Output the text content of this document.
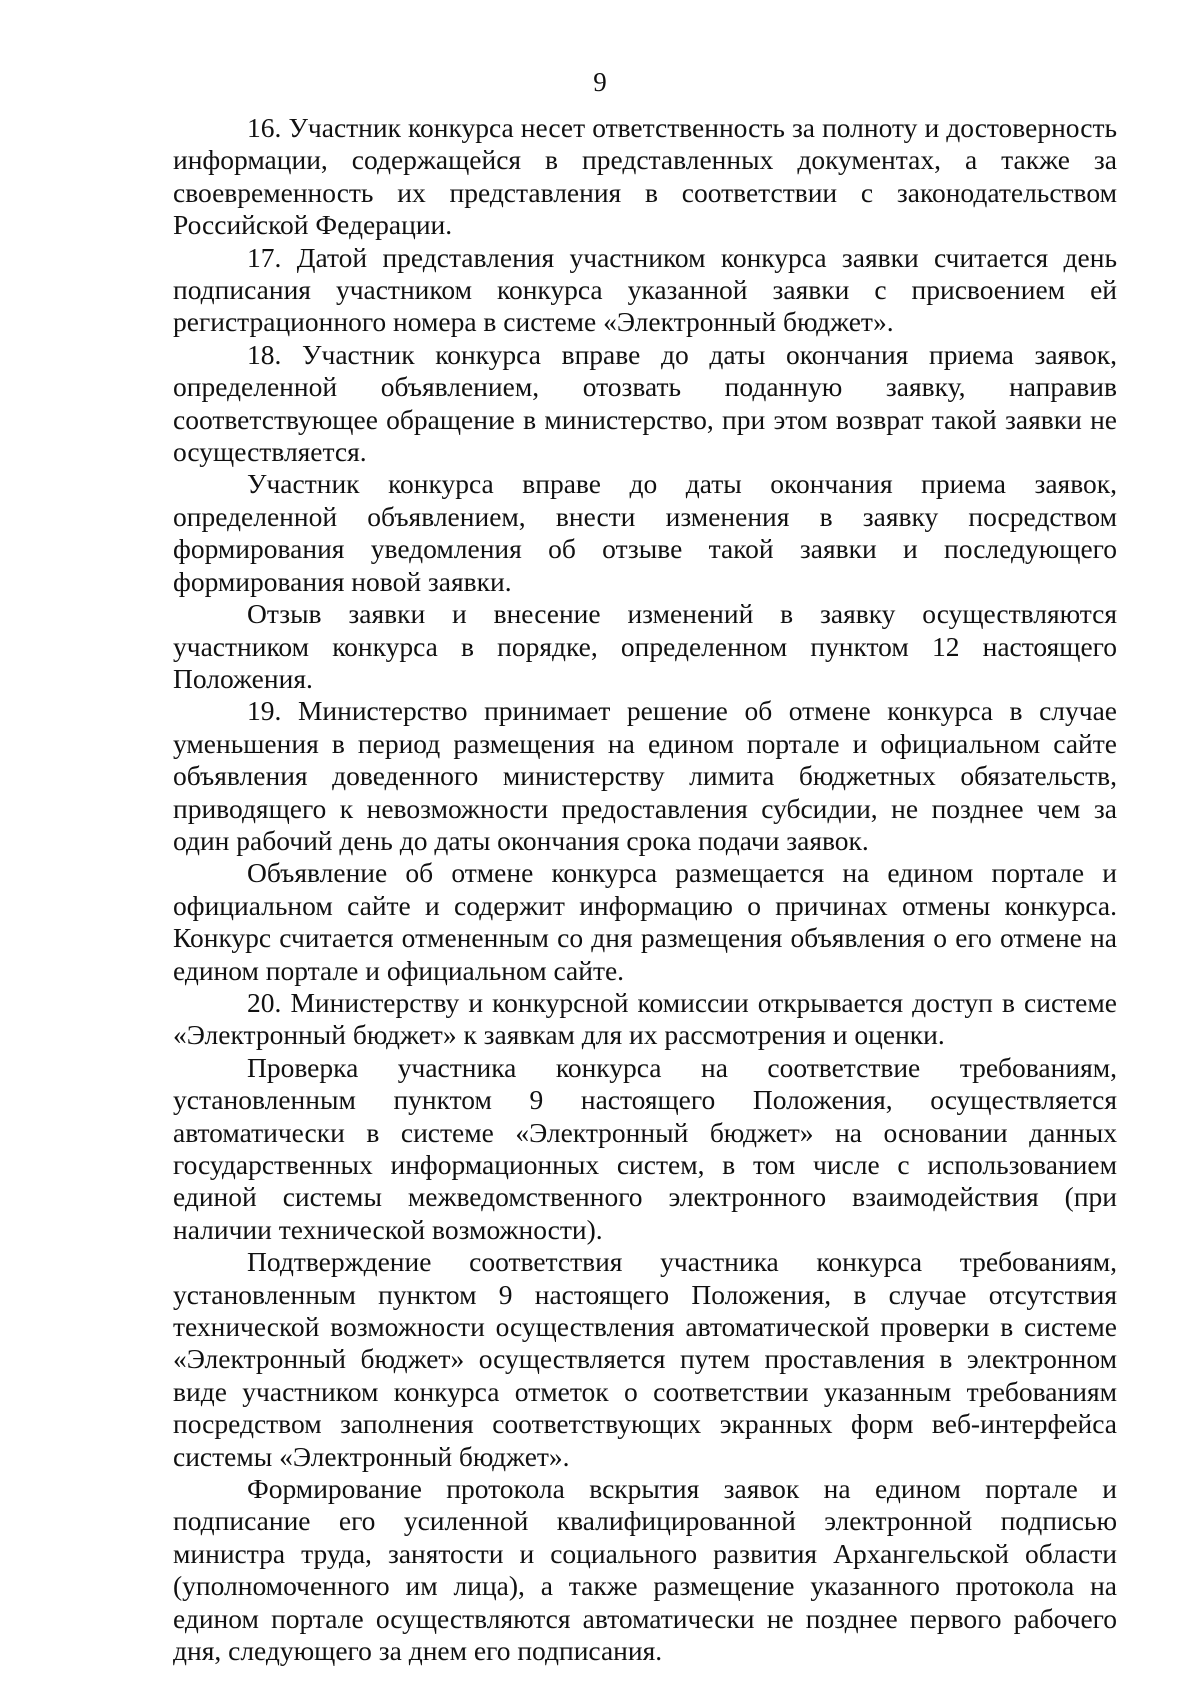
9

16. Участник конкурса несет ответственность за полноту и достоверность информации, содержащейся в представленных документах, а также за своевременность их представления в соответствии с законодательством Российской Федерации.

17. Датой представления участником конкурса заявки считается день подписания участником конкурса указанной заявки с присвоением ей регистрационного номера в системе «Электронный бюджет».

18. Участник конкурса вправе до даты окончания приема заявок, определенной объявлением, отозвать поданную заявку, направив соответствующее обращение в министерство, при этом возврат такой заявки не осуществляется.

Участник конкурса вправе до даты окончания приема заявок, определенной объявлением, внести изменения в заявку посредством формирования уведомления об отзыве такой заявки и последующего формирования новой заявки.

Отзыв заявки и внесение изменений в заявку осуществляются участником конкурса в порядке, определенном пунктом 12 настоящего Положения.

19. Министерство принимает решение об отмене конкурса в случае уменьшения в период размещения на едином портале и официальном сайте объявления доведенного министерству лимита бюджетных обязательств, приводящего к невозможности предоставления субсидии, не позднее чем за один рабочий день до даты окончания срока подачи заявок.

Объявление об отмене конкурса размещается на едином портале и официальном сайте и содержит информацию о причинах отмены конкурса. Конкурс считается отмененным со дня размещения объявления о его отмене на едином портале и официальном сайте.

20. Министерству и конкурсной комиссии открывается доступ в системе «Электронный бюджет» к заявкам для их рассмотрения и оценки.

Проверка участника конкурса на соответствие требованиям, установленным пунктом 9 настоящего Положения, осуществляется автоматически в системе «Электронный бюджет» на основании данных государственных информационных систем, в том числе с использованием единой системы межведомственного электронного взаимодействия (при наличии технической возможности).

Подтверждение соответствия участника конкурса требованиям, установленным пунктом 9 настоящего Положения, в случае отсутствия технической возможности осуществления автоматической проверки в системе «Электронный бюджет» осуществляется путем проставления в электронном виде участником конкурса отметок о соответствии указанным требованиям посредством заполнения соответствующих экранных форм веб-интерфейса системы «Электронный бюджет».

Формирование протокола вскрытия заявок на едином портале и подписание его усиленной квалифицированной электронной подписью министра труда, занятости и социального развития Архангельской области (уполномоченного им лица), а также размещение указанного протокола на едином портале осуществляются автоматически не позднее первого рабочего дня, следующего за днем его подписания.
